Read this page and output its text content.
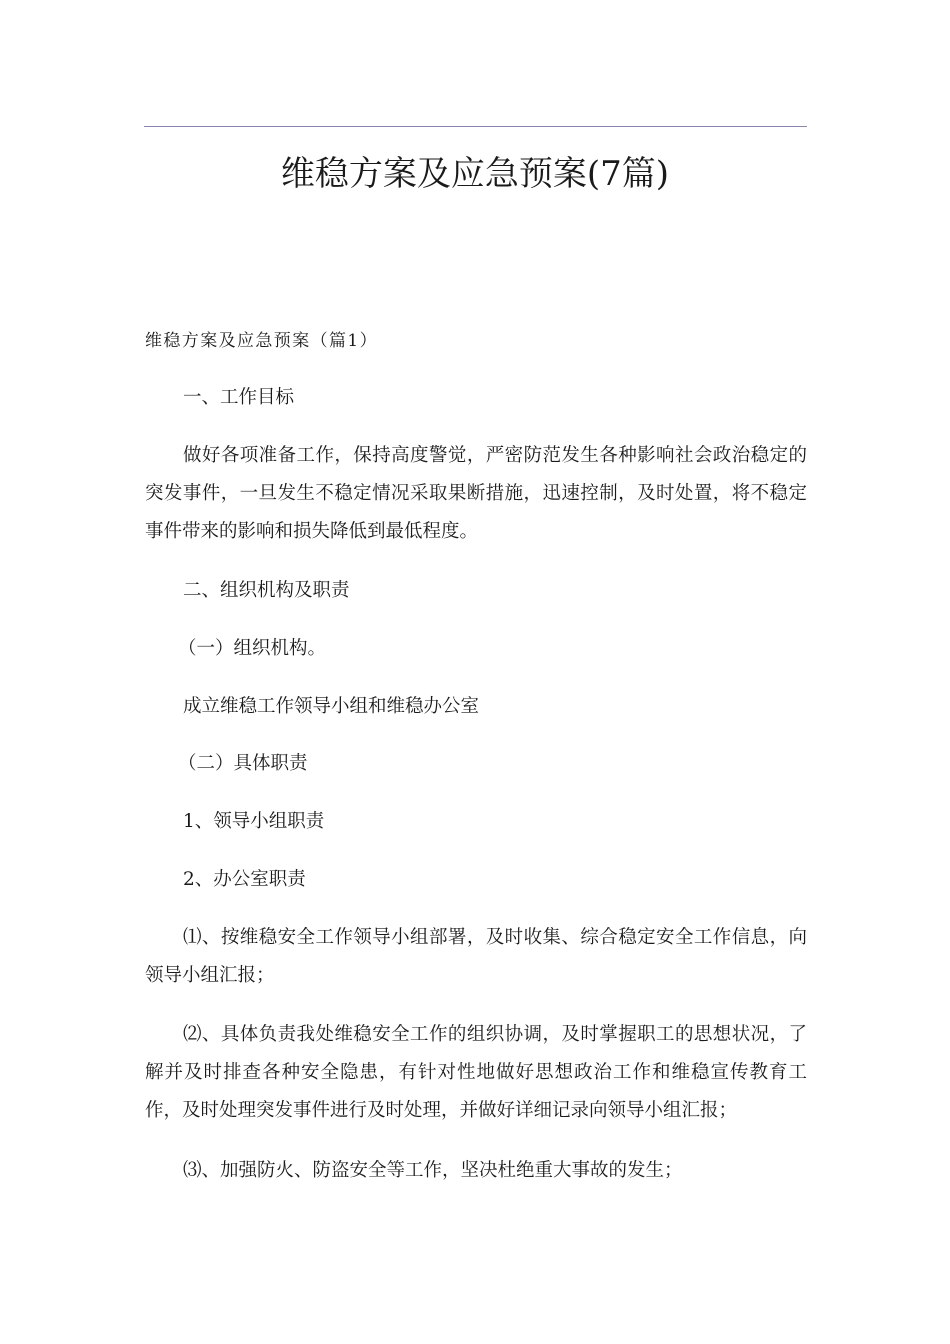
维稳方案及应急预案(7篇)
维稳方案及应急预案（篇1）
一、工作目标
做好各项准备工作，保持高度警觉，严密防范发生各种影响社会政治稳定的突发事件，一旦发生不稳定情况采取果断措施，迅速控制，及时处置，将不稳定事件带来的影响和损失降低到最低程度。
二、组织机构及职责
（一）组织机构。
成立维稳工作领导小组和维稳办公室
（二）具体职责
1、领导小组职责
2、办公室职责
⑴、按维稳安全工作领导小组部署，及时收集、综合稳定安全工作信息，向领导小组汇报；
⑵、具体负责我处维稳安全工作的组织协调，及时掌握职工的思想状况，了解并及时排查各种安全隐患，有针对性地做好思想政治工作和维稳宣传教育工作，及时处理突发事件进行及时处理，并做好详细记录向领导小组汇报；
⑶、加强防火、防盗安全等工作，坚决杜绝重大事故的发生；
